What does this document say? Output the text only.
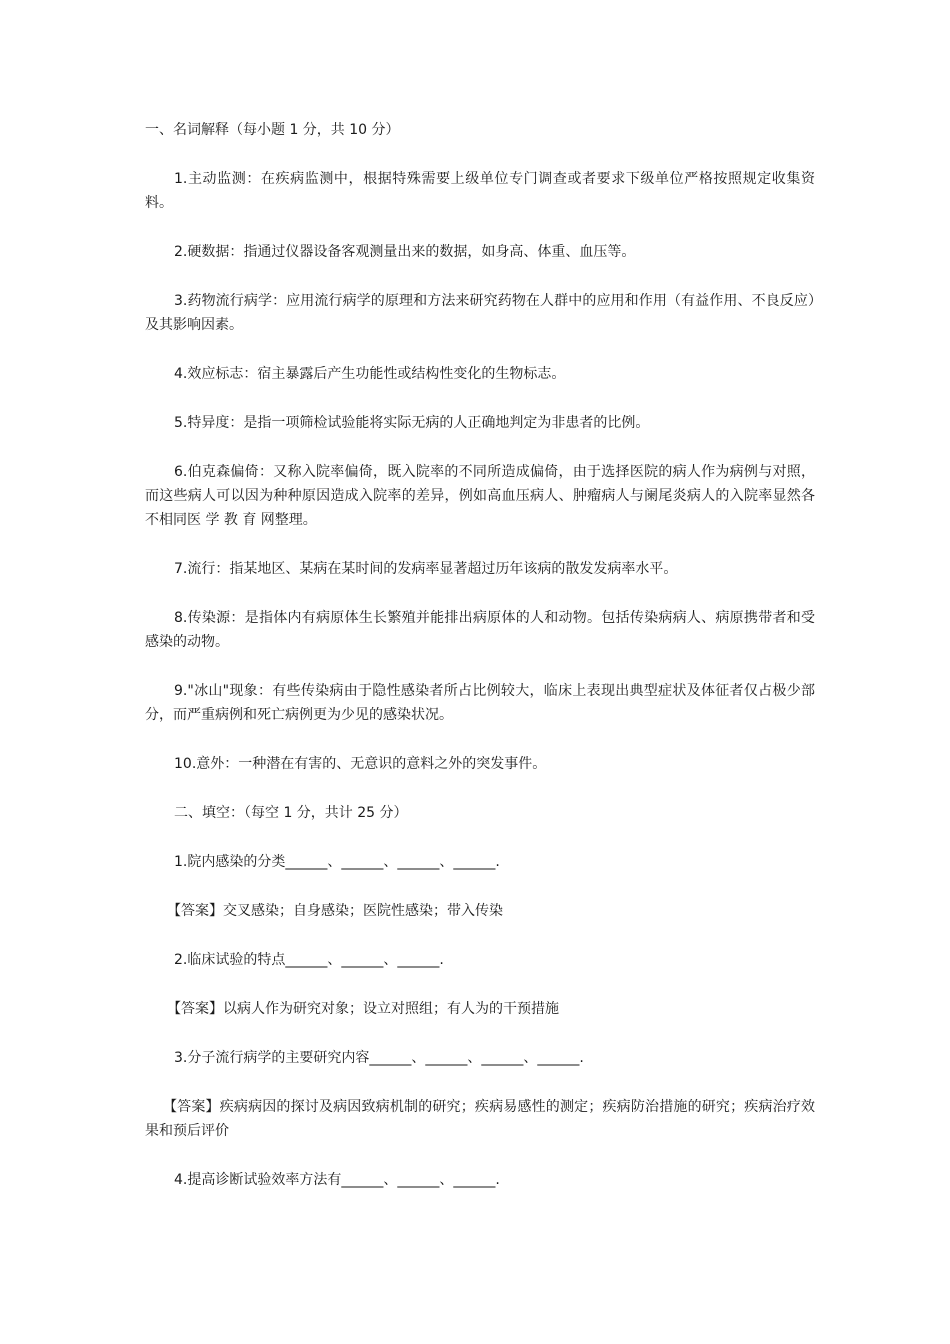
一、名词解释（每小题 1 分，共 10 分）
1.主动监测：在疾病监测中，根据特殊需要上级单位专门调查或者要求下级单位严格按照规定收集资料。
2.硬数据：指通过仪器设备客观测量出来的数据，如身高、体重、血压等。
3.药物流行病学：应用流行病学的原理和方法来研究药物在人群中的应用和作用（有益作用、不良反应）及其影响因素。
4.效应标志：宿主暴露后产生功能性或结构性变化的生物标志。
5.特异度：是指一项筛检试验能将实际无病的人正确地判定为非患者的比例。
6.伯克森偏倚：又称入院率偏倚，既入院率的不同所造成偏倚，由于选择医院的病人作为病例与对照，而这些病人可以因为种种原因造成入院率的差异，例如高血压病人、肿瘤病人与阑尾炎病人的入院率显然各不相同医 学 教 育 网整理。
7.流行：指某地区、某病在某时间的发病率显著超过历年该病的散发发病率水平。
8.传染源：是指体内有病原体生长繁殖并能排出病原体的人和动物。包括传染病病人、病原携带者和受感染的动物。
9."冰山"现象：有些传染病由于隐性感染者所占比例较大，临床上表现出典型症状及体征者仅占极少部分，而严重病例和死亡病例更为少见的感染状况。
10.意外：一种潜在有害的、无意识的意料之外的突发事件。
二、填空：（每空 1 分，共计 25 分）
1.院内感染的分类______、______、______、______.
【答案】交叉感染；自身感染；医院性感染；带入传染
2.临床试验的特点______、______、______.
【答案】以病人作为研究对象；设立对照组；有人为的干预措施
3.分子流行病学的主要研究内容______、______、______、______.
【答案】疾病病因的探讨及病因致病机制的研究；疾病易感性的测定；疾病防治措施的研究；疾病治疗效果和预后评价
4.提高诊断试验效率方法有______、______、______.
